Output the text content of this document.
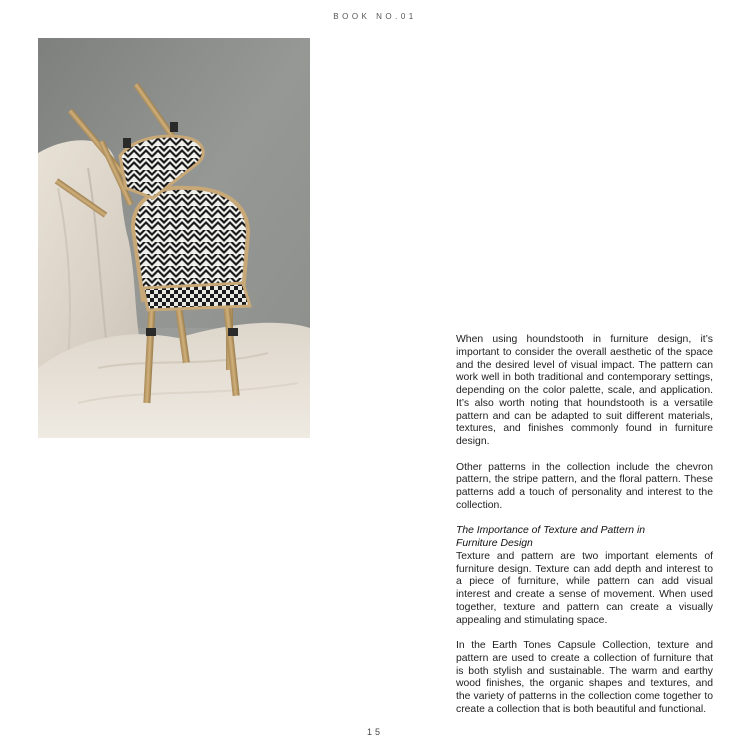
BOOK NO.01

When using houndstooth in furniture design, it’s important to consider the overall aesthetic of the space and the desired level of visual impact. The pattern can work well in both traditional and contemporary settings, depending on the color palette, scale, and application. It’s also worth noting that houndstooth is a versatile pattern and can be adapted to suit different materials, textures, and finishes commonly found in furniture design.

Other patterns in the collection include the chevron pattern, the stripe pattern, and the floral pattern. These patterns add a touch of personality and interest to the collection.

The Importance of Texture and Pattern in Furniture Design

Texture and pattern are two important elements of furniture design. Texture can add depth and interest to a piece of furniture, while pattern can add visual interest and create a sense of movement. When used together, texture and pattern can create a visually appealing and stimulating space.

In the Earth Tones Capsule Collection, texture and pattern are used to create a collection of furniture that is both stylish and sustainable. The warm and earthy wood finishes, the organic shapes and textures, and the variety of patterns in the collection come together to create a collection that is both beautiful and functional.

15
